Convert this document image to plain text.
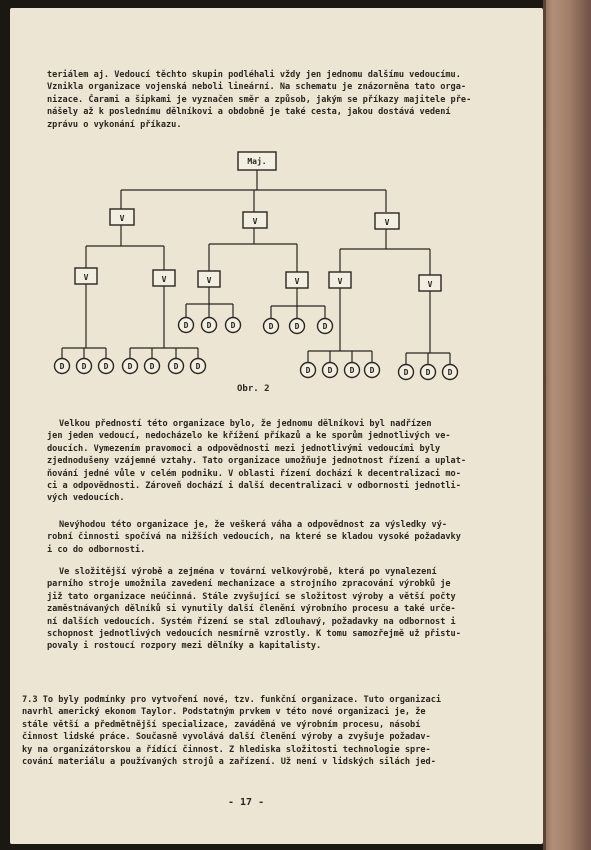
teriálem aj. Vedoucí těchto skupin podléhali vždy jen jednomu dalšímu vedoucímu.
Vznikla organizace vojenská neboli lineární. Na schematu je znázorněna tato orga-
nizace. Čarami a šipkami je vyznačen směr a způsob, jakým se příkazy majitele pře-
nášely až k poslednímu dělníkovi a obdobně je také cesta, jakou dostává vedení
zprávu o vykonání příkazu.
Maj.
V	V	V
V	V	V	V	V	V
D D D D D D D
D D D	D	D	D
D D D D	D D D
Obr. 2
Velkou předností této organizace bylo, že jednomu dělníkovi byl nadřízen
jen jeden vedoucí, nedocházelo ke křížení příkazů a ke sporům jednotlivých ve-
doucích. Vymezením pravomoci a odpovědnosti mezi jednotlivými vedoucími byly
zjednodušeny vzájemné vztahy. Tato organizace umožňuje jednotnost řízení a uplat-
ňování jedné vůle v celém podniku. V oblasti řízení dochází k decentralizaci mo-
ci a odpovědnosti. Zároveň dochází i další decentralizaci v odbornosti jednotli-
vých vedoucích.
Nevýhodou této organizace je, že veškerá váha a odpovědnost za výsledky vý-
robní činnosti spočívá na nižších vedoucích, na které se kladou vysoké požadavky
i co do odbornosti.
Ve složitější výrobě a zejména v tovární velkovýrobě, která po vynalezení
parního stroje umožnila zavedení mechanizace a strojního zpracování výrobků je
již tato organizace neúčinná. Stále zvyšující se složitost výroby a větší počty
zaměstnávaných dělníků si vynutily další členění výrobního procesu a také urče-
ní dalších vedoucích. Systém řízení se stal zdlouhavý, požadavky na odbornost i
schopnost jednotlivých vedoucích nesmírně vzrostly. K tomu samozřejmě už přistu-
povaly i rostoucí rozpory mezi dělníky a kapitalisty.
7.3 To byly podmínky pro vytvoření nové, tzv. funkční organizace. Tuto organizaci
navrhl americký ekonom Taylor. Podstatným prvkem v této nové organizaci je, že
stále větší a předmětnější specializace, zaváděná ve výrobním procesu, násobí
činnost lidské práce. Současně vyvolává další členění výroby a zvyšuje požadav-
ky na organizátorskou a řídící činnost. Z hlediska složitosti technologie spre-
cování materiálu a používaných strojů a zařízení. Už není v lidských silách jed-
- 17 -
